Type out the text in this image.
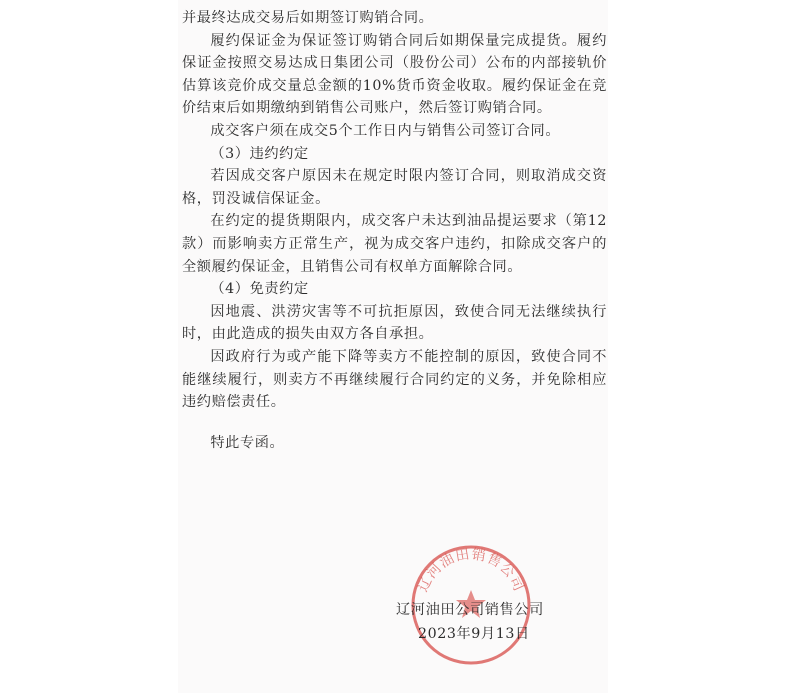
并最终达成交易后如期签订购销合同。

履约保证金为保证签订购销合同后如期保量完成提货。履约保证金按照交易达成日集团公司（股份公司）公布的内部接轨价估算该竞价成交量总金额的10%货币资金收取。履约保证金在竞价结束后如期缴纳到销售公司账户，然后签订购销合同。

成交客户须在成交5个工作日内与销售公司签订合同。

（3）违约约定

若因成交客户原因未在规定时限内签订合同，则取消成交资格，罚没诚信保证金。

在约定的提货期限内，成交客户未达到油品提运要求（第12款）而影响卖方正常生产，视为成交客户违约，扣除成交客户的全额履约保证金，且销售公司有权单方面解除合同。

（4）免责约定

因地震、洪涝灾害等不可抗拒原因，致使合同无法继续执行时，由此造成的损失由双方各自承担。

因政府行为或产能下降等卖方不能控制的原因，致使合同不能继续履行，则卖方不再继续履行合同约定的义务，并免除相应违约赔偿责任。

特此专函。

辽河油田销售公司
辽河油田公司销售公司
2023年9月13日
